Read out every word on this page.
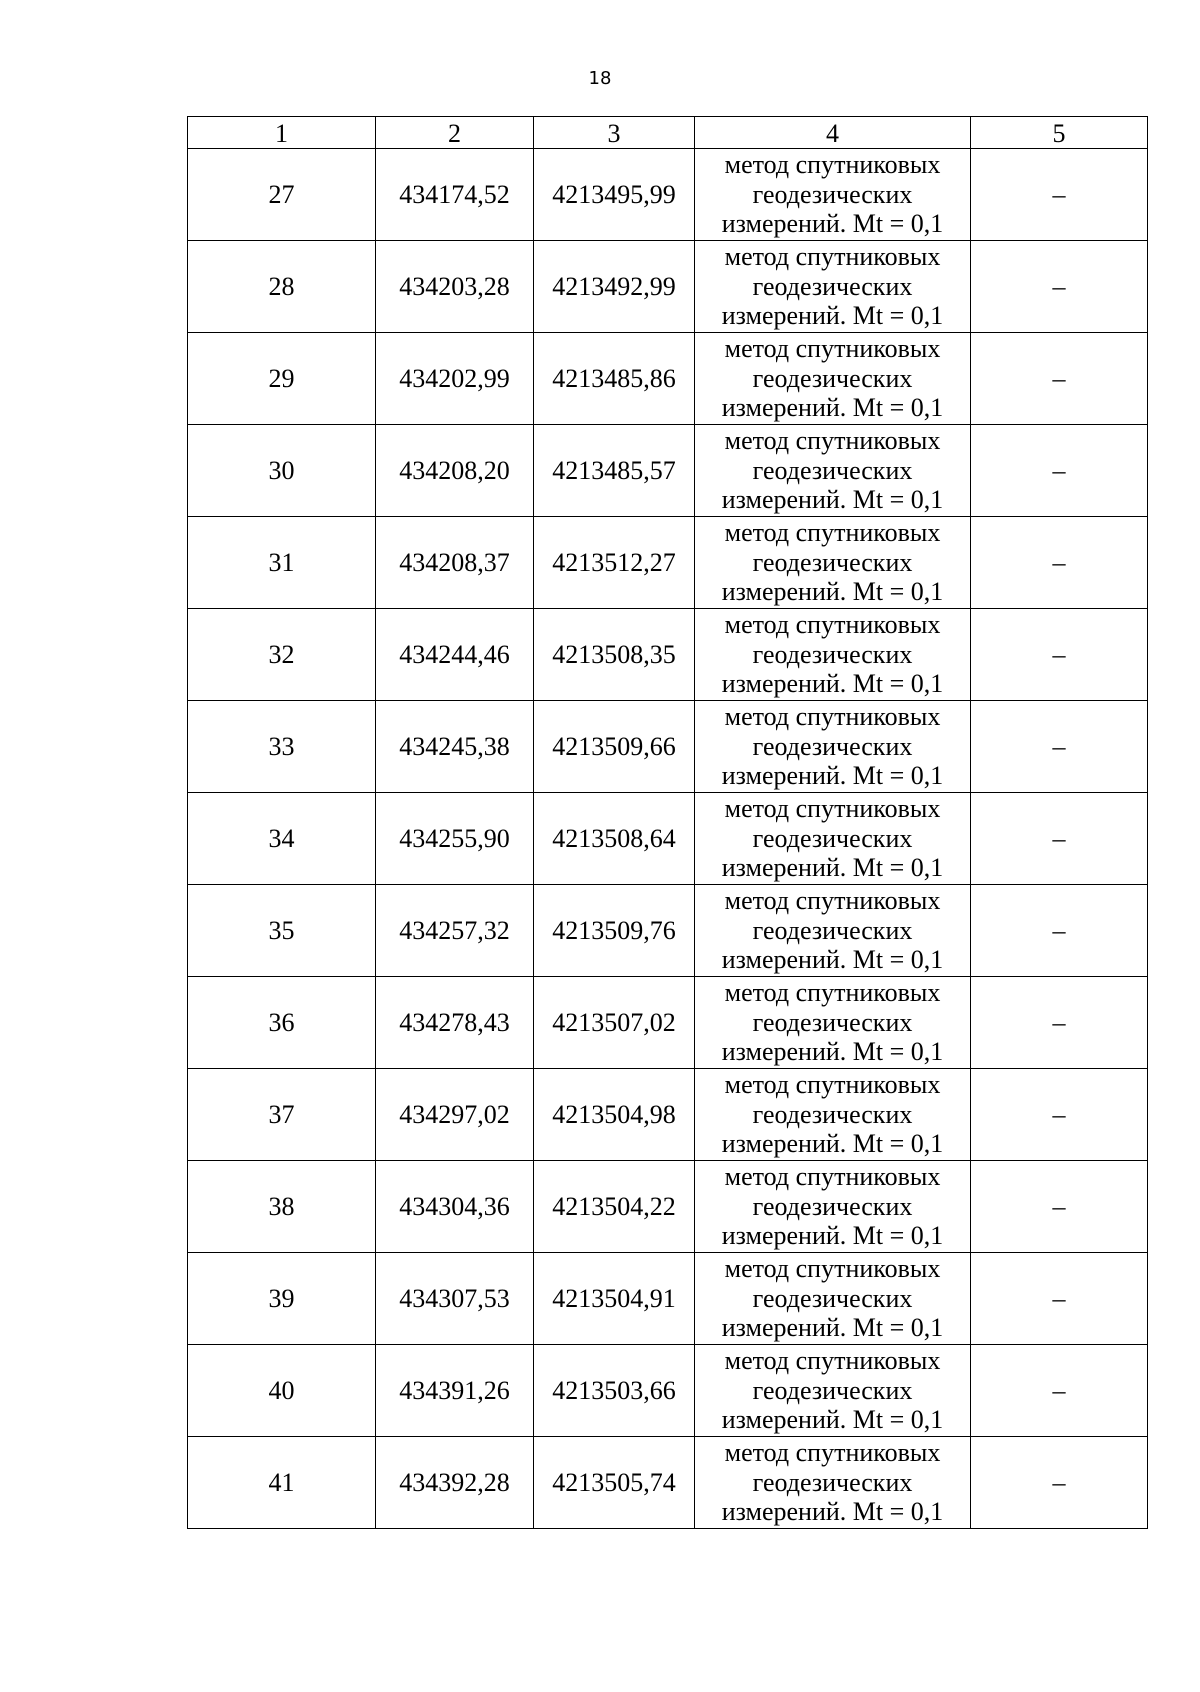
18
1	2	3	4	5
27	434174,52	4213495,99	метод спутниковых
геодезических
измерений. Mt = 0,1	–
28	434203,28	4213492,99	метод спутниковых
геодезических
измерений. Mt = 0,1	–
29	434202,99	4213485,86	метод спутниковых
геодезических
измерений. Mt = 0,1	–
30	434208,20	4213485,57	метод спутниковых
геодезических
измерений. Mt = 0,1	–
31	434208,37	4213512,27	метод спутниковых
геодезических
измерений. Mt = 0,1	–
32	434244,46	4213508,35	метод спутниковых
геодезических
измерений. Mt = 0,1	–
33	434245,38	4213509,66	метод спутниковых
геодезических
измерений. Mt = 0,1	–
34	434255,90	4213508,64	метод спутниковых
геодезических
измерений. Mt = 0,1	–
35	434257,32	4213509,76	метод спутниковых
геодезических
измерений. Mt = 0,1	–
36	434278,43	4213507,02	метод спутниковых
геодезических
измерений. Mt = 0,1	–
37	434297,02	4213504,98	метод спутниковых
геодезических
измерений. Mt = 0,1	–
38	434304,36	4213504,22	метод спутниковых
геодезических
измерений. Mt = 0,1	–
39	434307,53	4213504,91	метод спутниковых
геодезических
измерений. Mt = 0,1	–
40	434391,26	4213503,66	метод спутниковых
геодезических
измерений. Mt = 0,1	–
41	434392,28	4213505,74	метод спутниковых
геодезических
измерений. Mt = 0,1	–
